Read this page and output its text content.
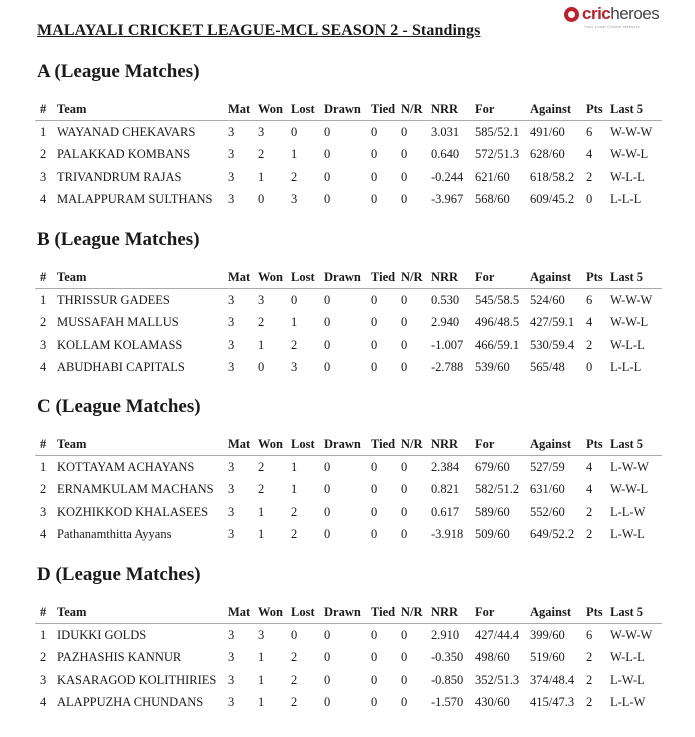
cricheroes
Your Local Cricket Network
MALAYALI CRICKET LEAGUE-MCL SEASON 2 - Standings
A (League Matches)
# Team	Mat Won Lost Drawn Tied N/R NRR For	Against Pts Last 5
1 WAYANAD CHEKAVARS	3 3 0 0	0 0 3.031 585/52.1 491/60 6 W-W-W
2 PALAKKAD KOMBANS	3 2 1 0	0 0 0.640 572/51.3 628/60 4 W-W-L
3 TRIVANDRUM RAJAS	3 1 2 0	0 0 -0.244 621/60 618/58.2 2 W-L-L
4 MALAPPURAM SULTHANS 3 0 3 0	0 0 -3.967 568/60 609/45.2 0 L-L-L
B (League Matches)
# Team	Mat Won Lost Drawn Tied N/R NRR For	Against Pts Last 5
1 THRISSUR GADEES	3 3 0 0	0 0 0.530 545/58.5 524/60 6 W-W-W
2 MUSSAFAH MALLUS	3 2 1 0	0 0 2.940 496/48.5 427/59.1 4 W-W-L
3 KOLLAM KOLAMASS	3 1 2 0	0 0 -1.007 466/59.1 530/59.4 2 W-L-L
4 ABUDHABI CAPITALS	3 0 3 0	0 0 -2.788 539/60 565/48 0 L-L-L
C (League Matches)
# Team	Mat Won Lost Drawn Tied N/R NRR For	Against Pts Last 5
1 KOTTAYAM ACHAYANS	3 2 1 0	0 0 2.384 679/60 527/59 4 L-W-W
2 ERNAMKULAM MACHANS 3 2 1 0	0 0 0.821 582/51.2 631/60 4 W-W-L
3 KOZHIKKOD KHALASEES 3 1 2 0	0 0 0.617 589/60 552/60 2 L-L-W
4 Pathanamthitta Ayyans	3 1 2 0	0 0 -3.918 509/60 649/52.2 2 L-W-L
D (League Matches)
# Team	Mat Won Lost Drawn Tied N/R NRR For	Against Pts Last 5
1 IDUKKI GOLDS	3 3 0 0	0 0 2.910 427/44.4 399/60 6 W-W-W
2 PAZHASHIS KANNUR	3 1 2 0	0 0 -0.350 498/60 519/60 2 W-L-L
3 KASARAGOD KOLITHIRIES 3 1 2 0	0 0 -0.850 352/51.3 374/48.4 2 L-W-L
4 ALAPPUZHA CHUNDANS 3 1 2 0	0 0 -1.570 430/60 415/47.3 2 L-L-W
